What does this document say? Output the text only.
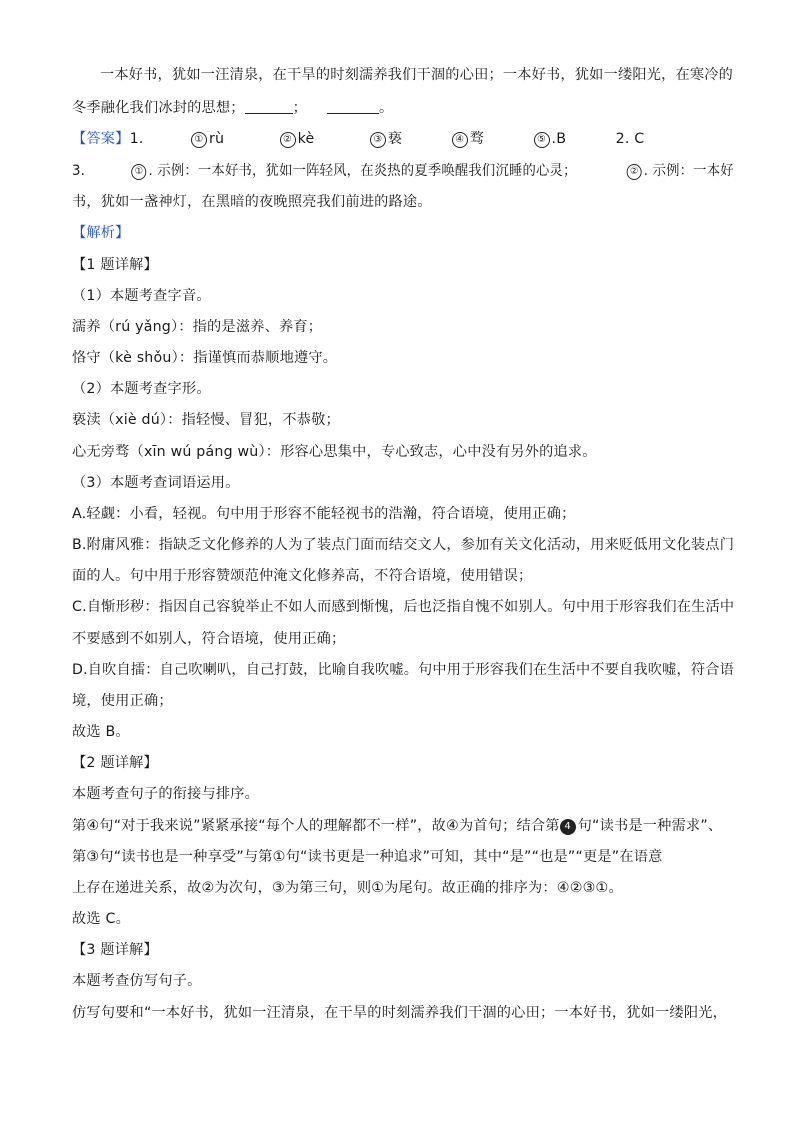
一本好书，犹如一汪清泉，在干旱的时刻濡养我们干涸的心田；一本好书，犹如一缕阳光，在寒冷的
冬季融化我们冰封的思想；	；	。
【答案】1.	① rù	② kè	③ 亵	④ 骛	⑤ .B	2. C
3.	① . 示例：一本好书，犹如一阵轻风，在炎热的夏季唤醒我们沉睡的心灵；	② . 示例：一本好
书，犹如一盏神灯，在黑暗的夜晚照亮我们前进的路途。
【解析】
【1 题详解】
（1）本题考查字音。
濡养（rú yǎng）：指的是滋养、养育；
恪守（kè shǒu）：指谨慎而恭顺地遵守。
（2）本题考查字形。
亵渎（xiè dú）：指轻慢、冒犯，不恭敬；
心无旁骛（xīn wú páng wù）：形容心思集中，专心致志，心中没有另外的追求。
（3）本题考查词语运用。
A.轻觑：小看，轻视。句中用于形容不能轻视书的浩瀚，符合语境，使用正确；
B.附庸风雅：指缺乏文化修养的人为了装点门面而结交文人，参加有关文化活动，用来贬低用文化装点门
面的人。句中用于形容赞颂范仲淹文化修养高，不符合语境，使用错误；
C.自惭形秽：指因自己容貌举止不如人而感到惭愧，后也泛指自愧不如别人。句中用于形容我们在生活中
不要感到不如别人，符合语境，使用正确；
D.自吹自擂：自己吹喇叭，自己打鼓，比喻自我吹嘘。句中用于形容我们在生活中不要自我吹嘘，符合语
境，使用正确；
故选 B。
【2 题详解】
本题考查句子的衔接与排序。
第④句“对于我来说”紧紧承接“每个人的理解都不一样”，故④为首句；结合第 4 句“读书是一种需求”、
第③句“读书也是一种享受”与第①句“读书更是一种追求”可知，其中“是”“也是”“更是”在语意
上存在递进关系，故②为次句，③为第三句，则①为尾句。故正确的排序为：④②③①。
故选 C。
【3 题详解】
本题考查仿写句子。
仿写句要和“一本好书，犹如一汪清泉，在干旱的时刻濡养我们干涸的心田；一本好书，犹如一缕阳光，
